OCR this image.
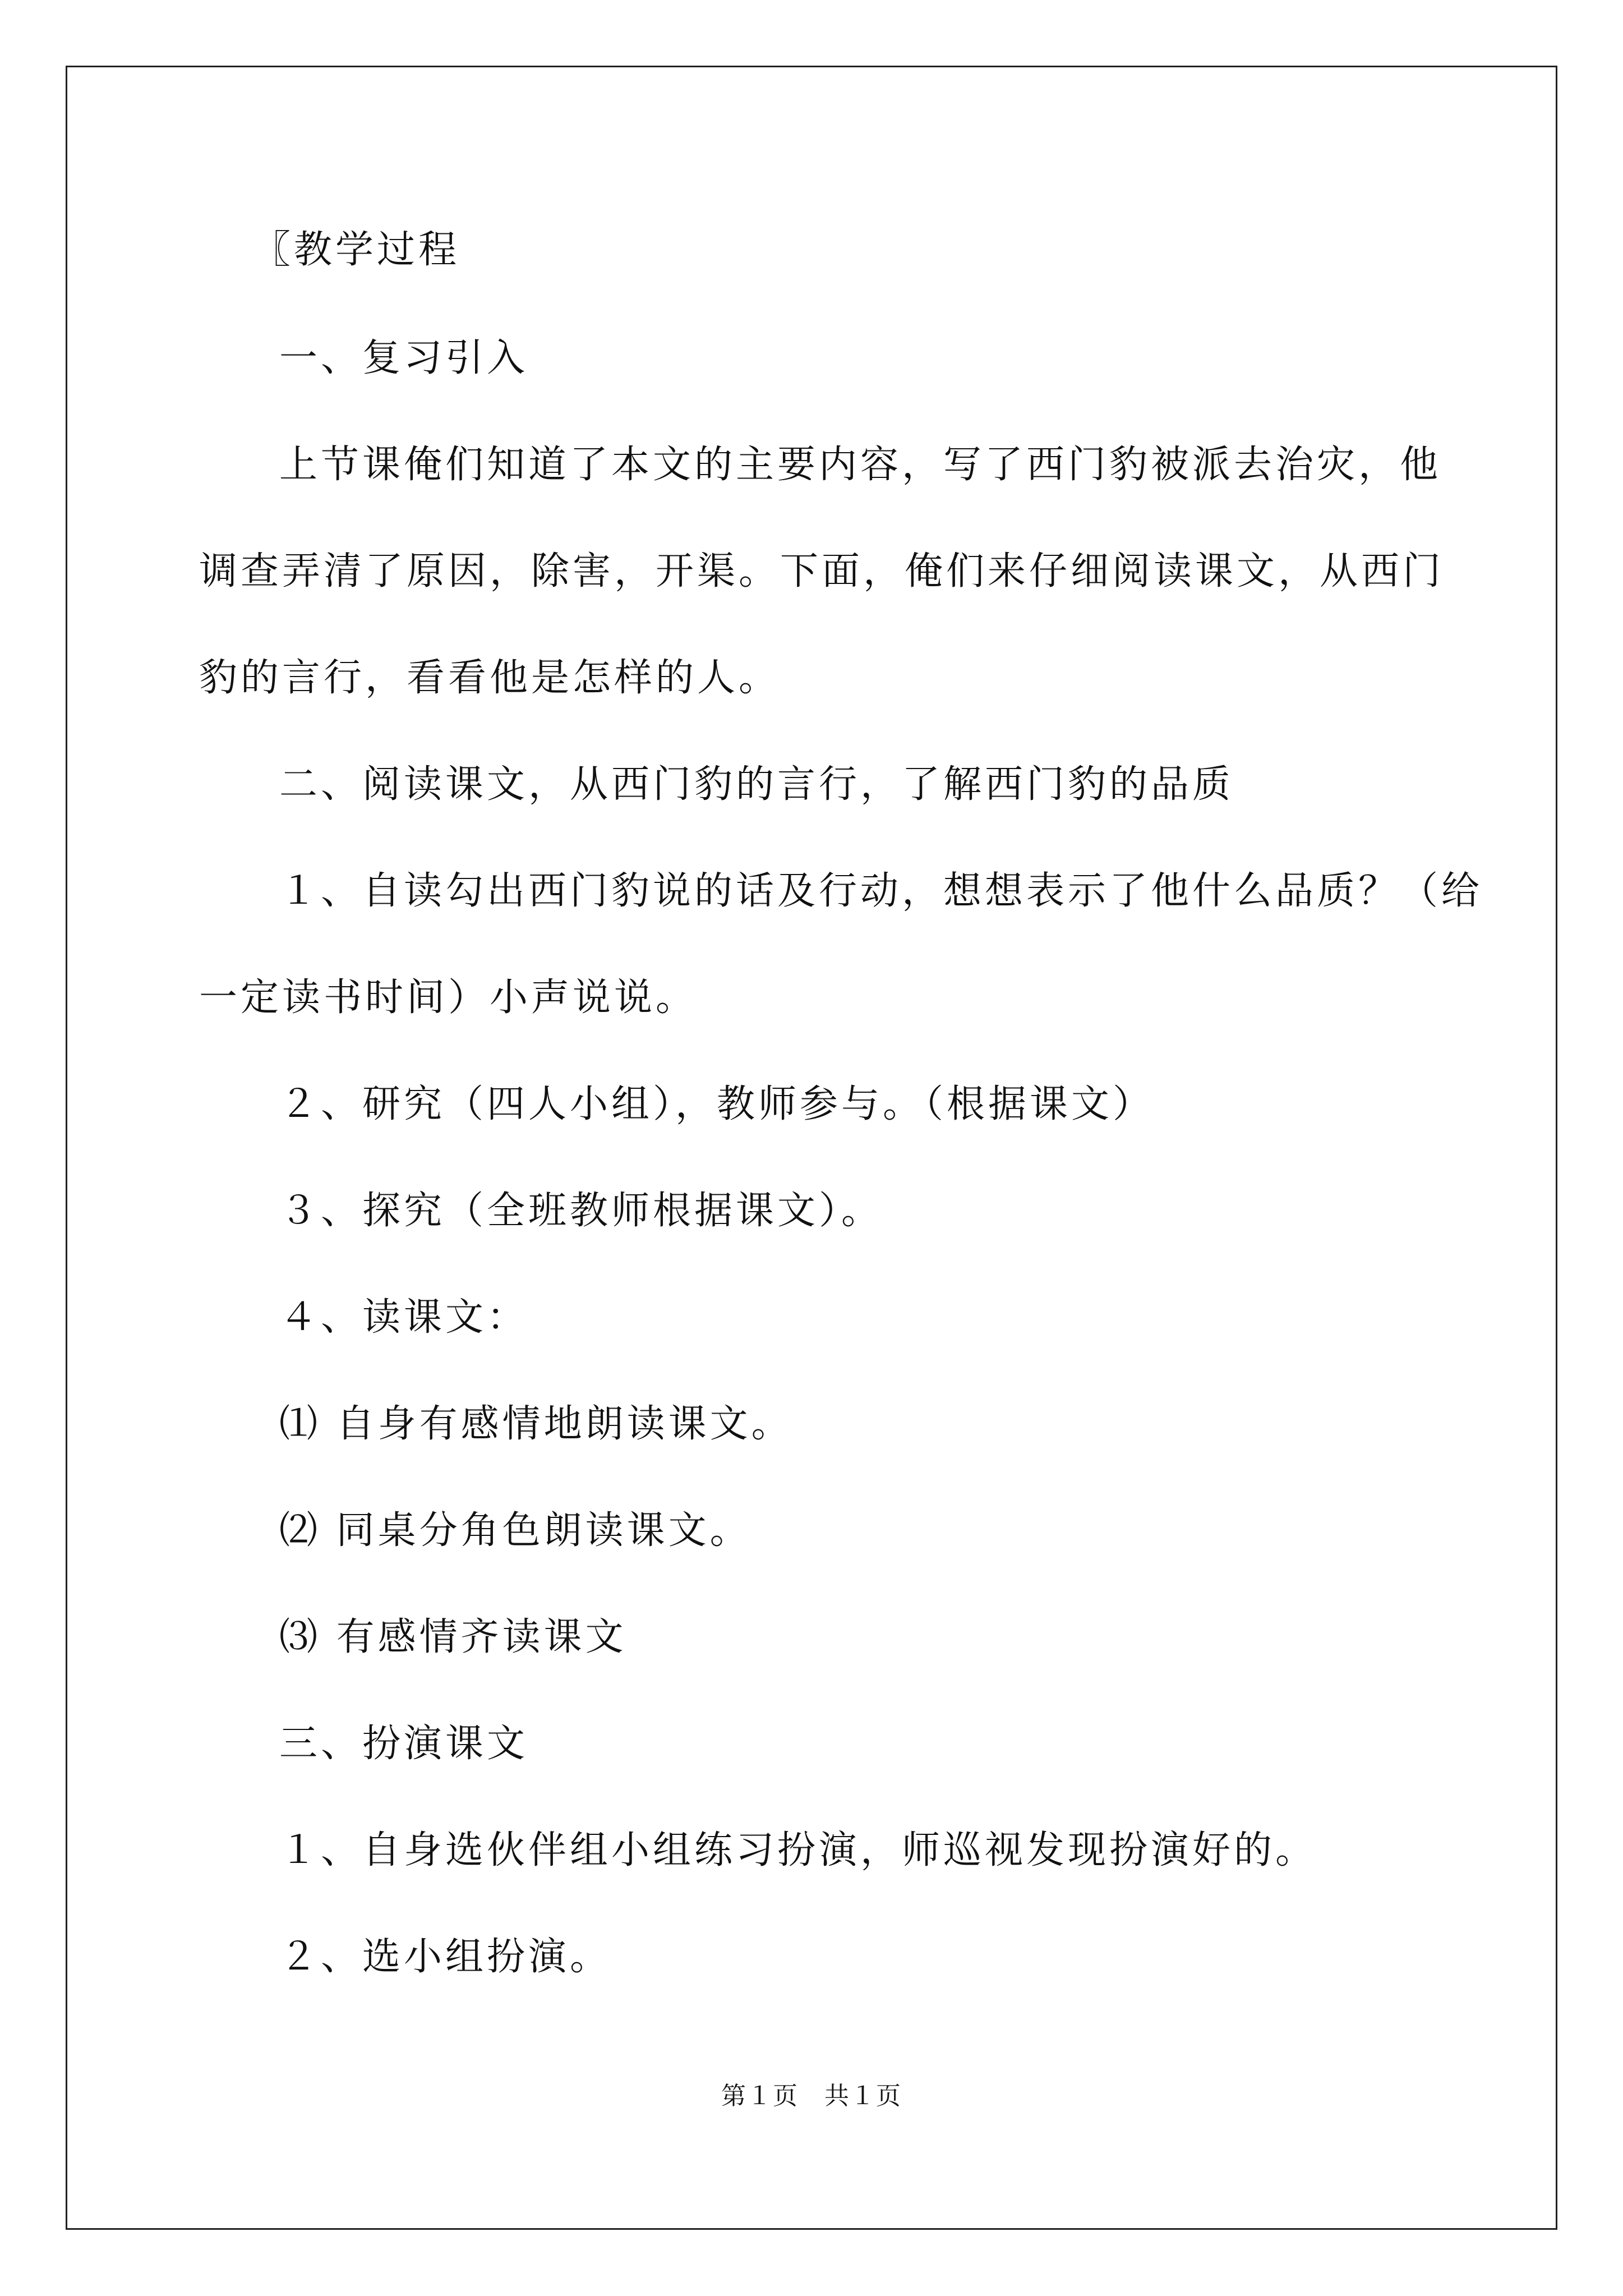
〖教学过程
一、复习引入
上节课俺们知道了本文的主要内容，写了西门豹被派去治灾，他
调查弄清了原因，除害，开渠。下面，俺们来仔细阅读课文，从西门
豹的言行，看看他是怎样的人。
二、阅读课文，从西门豹的言行，了解西门豹的品质
１、自读勾出西门豹说的话及行动，想想表示了他什么品质？（给
一定读书时间）小声说说。
２、研究（四人小组），教师参与。（根据课文）
３、探究（全班教师根据课文）。
４、读课文：
⑴ 自身有感情地朗读课文。
⑵ 同桌分角色朗读课文。
⑶ 有感情齐读课文
三、扮演课文
１、自身选伙伴组小组练习扮演，师巡视发现扮演好的。
２、选小组扮演。
第１页　共１页
